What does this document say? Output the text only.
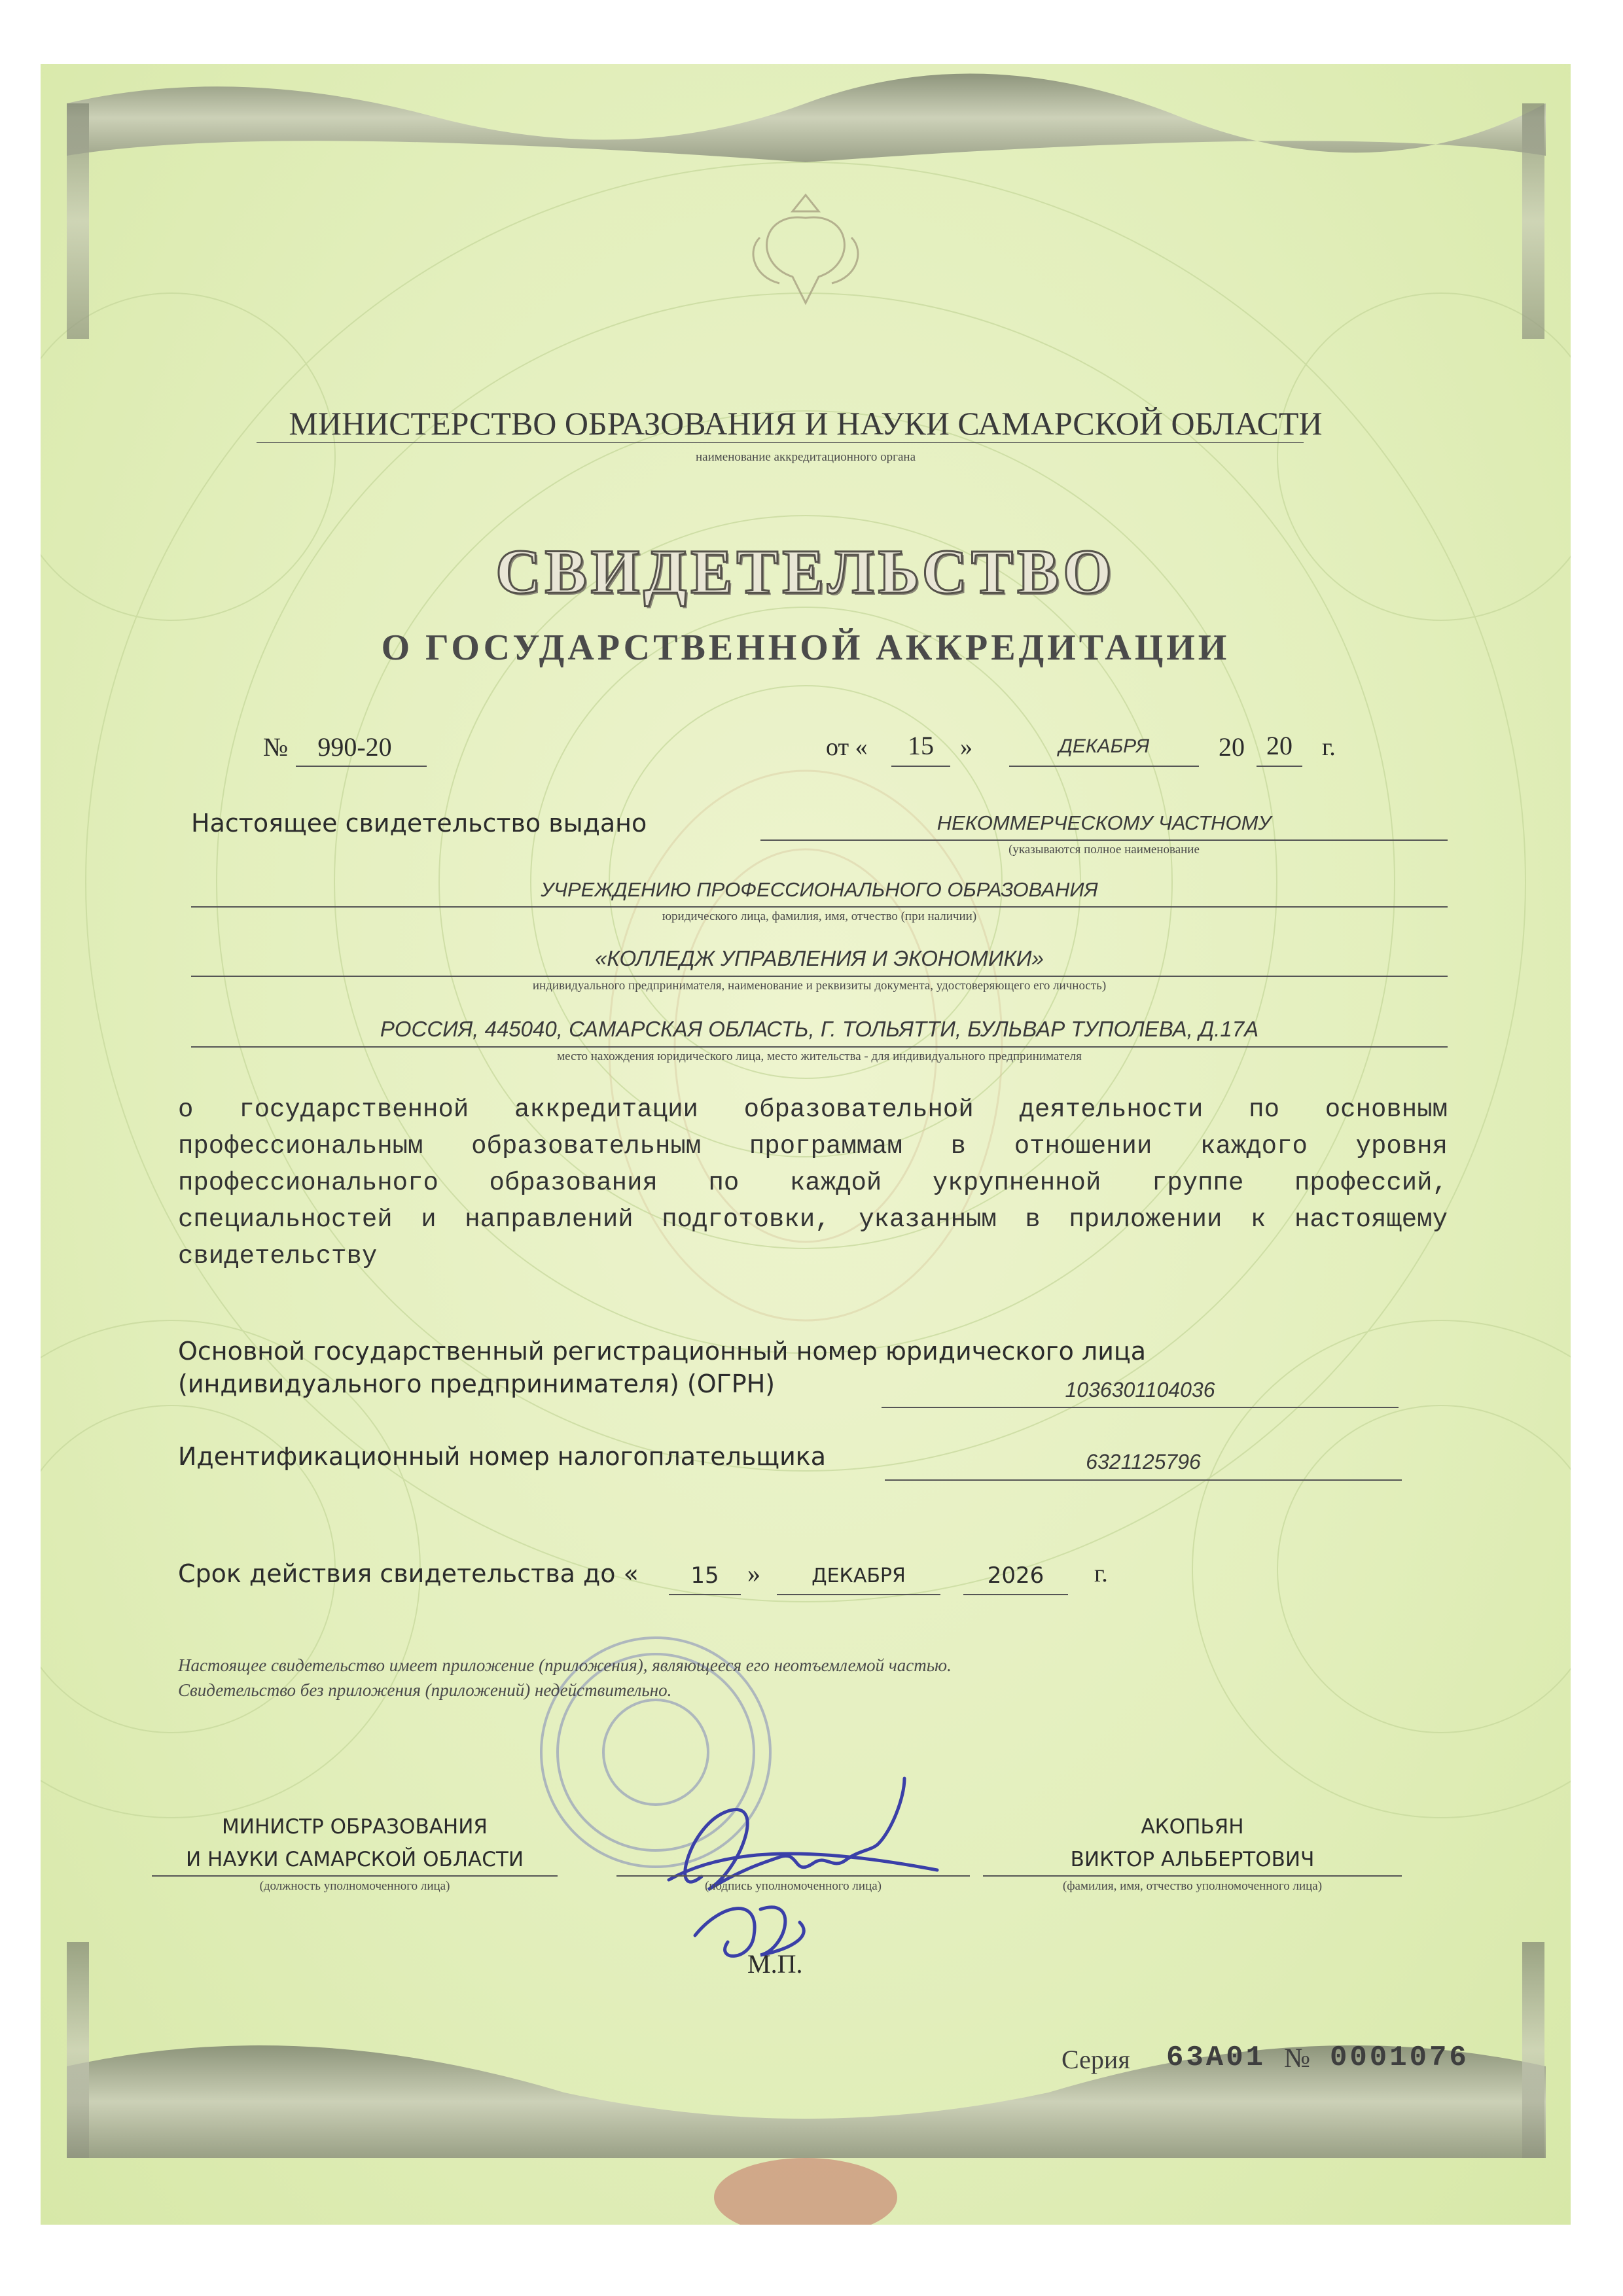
МИНИСТЕРСТВО ОБРАЗОВАНИЯ И НАУКИ САМАРСКОЙ ОБЛАСТИ
наименование аккредитационного органа
СВИДЕТЕЛЬСТВО
О ГОСУДАРСТВЕННОЙ АККРЕДИТАЦИИ
№	990-20	от «	15	»	ДЕКАБРЯ	20 20	г.
Настоящее свидетельство выдано	НЕКОММЕРЧЕСКОМУ ЧАСТНОМУ
(указываются полное наименование
УЧРЕЖДЕНИЮ ПРОФЕССИОНАЛЬНОГО ОБРАЗОВАНИЯ
юридического лица, фамилия, имя, отчество (при наличии)
«КОЛЛЕДЖ УПРАВЛЕНИЯ И ЭКОНОМИКИ»
индивидуального предпринимателя, наименование и реквизиты документа, удостоверяющего его личность)
РОССИЯ, 445040, САМАРСКАЯ ОБЛАСТЬ, Г. ТОЛЬЯТТИ, БУЛЬВАР ТУПОЛЕВА, Д.17А
место нахождения юридического лица, место жительства - для индивидуального предпринимателя
о государственной аккредитации образовательной деятельности по основным
профессиональным образовательным программам в отношении каждого уровня
профессионального образования по каждой укрупненной группе профессий,
специальностей и направлений подготовки, указанным в приложении к настоящему
свидетельству
Основной государственный регистрационный номер юридического лица
(индивидуального предпринимателя) (ОГРН)	1036301104036
Идентификационный номер налогоплательщика	6321125796
Срок действия свидетельства до «	15	»	ДЕКАБРЯ	2026	г.
Настоящее свидетельство имеет приложение (приложения), являющееся его неотъемлемой частью.
Свидетельство без приложения (приложений) недействительно.
МИНИСТР ОБРАЗОВАНИЯ
И НАУКИ САМАРСКОЙ ОБЛАСТИ
(должность уполномоченного лица)	(подпись уполномоченного лица)
АКОПЬЯН
ВИКТОР АЛЬБЕРТОВИЧ
(фамилия, имя, отчество уполномоченного лица)
М.П.
Серия 63А01 № 0001076
